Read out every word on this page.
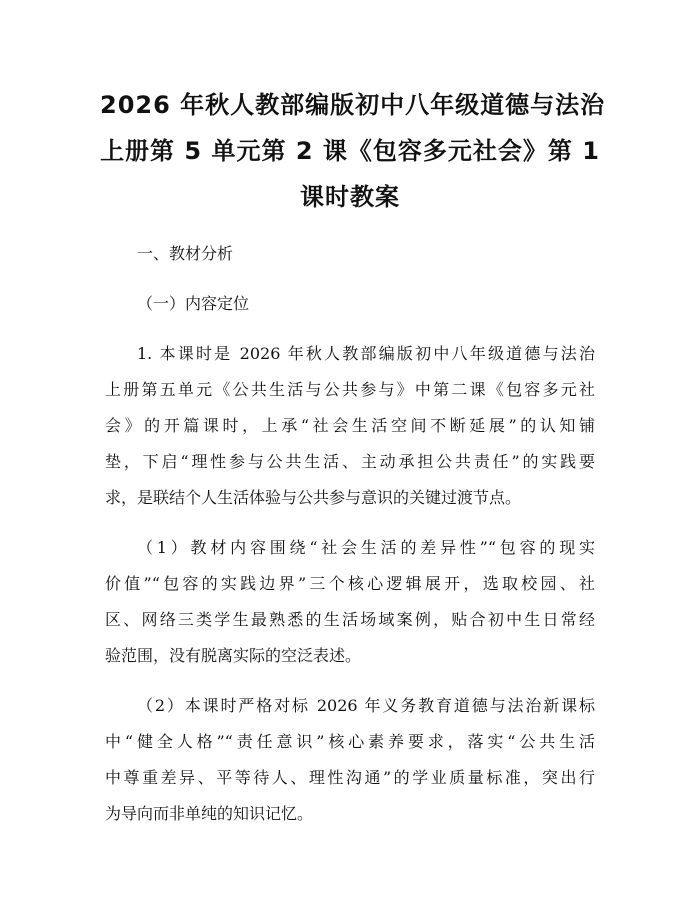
2026 年秋人教部编版初中八年级道德与法治
上册第 5 单元第 2 课《包容多元社会》第 1
课时教案

一、教材分析

（一）内容定位

1. 本课时是 2026 年秋人教部编版初中八年级道德与法治
上册第五单元《公共生活与公共参与》中第二课《包容多元社
会》的开篇课时，上承“社会生活空间不断延展”的认知铺
垫，下启“理性参与公共生活、主动承担公共责任”的实践要
求，是联结个人生活体验与公共参与意识的关键过渡节点。

（1）教材内容围绕“社会生活的差异性”“包容的现实
价值”“包容的实践边界”三个核心逻辑展开，选取校园、社
区、网络三类学生最熟悉的生活场域案例，贴合初中生日常经
验范围，没有脱离实际的空泛表述。

（2）本课时严格对标 2026 年义务教育道德与法治新课标
中“健全人格”“责任意识”核心素养要求，落实“公共生活
中尊重差异、平等待人、理性沟通”的学业质量标准，突出行
为导向而非单纯的知识记忆。
